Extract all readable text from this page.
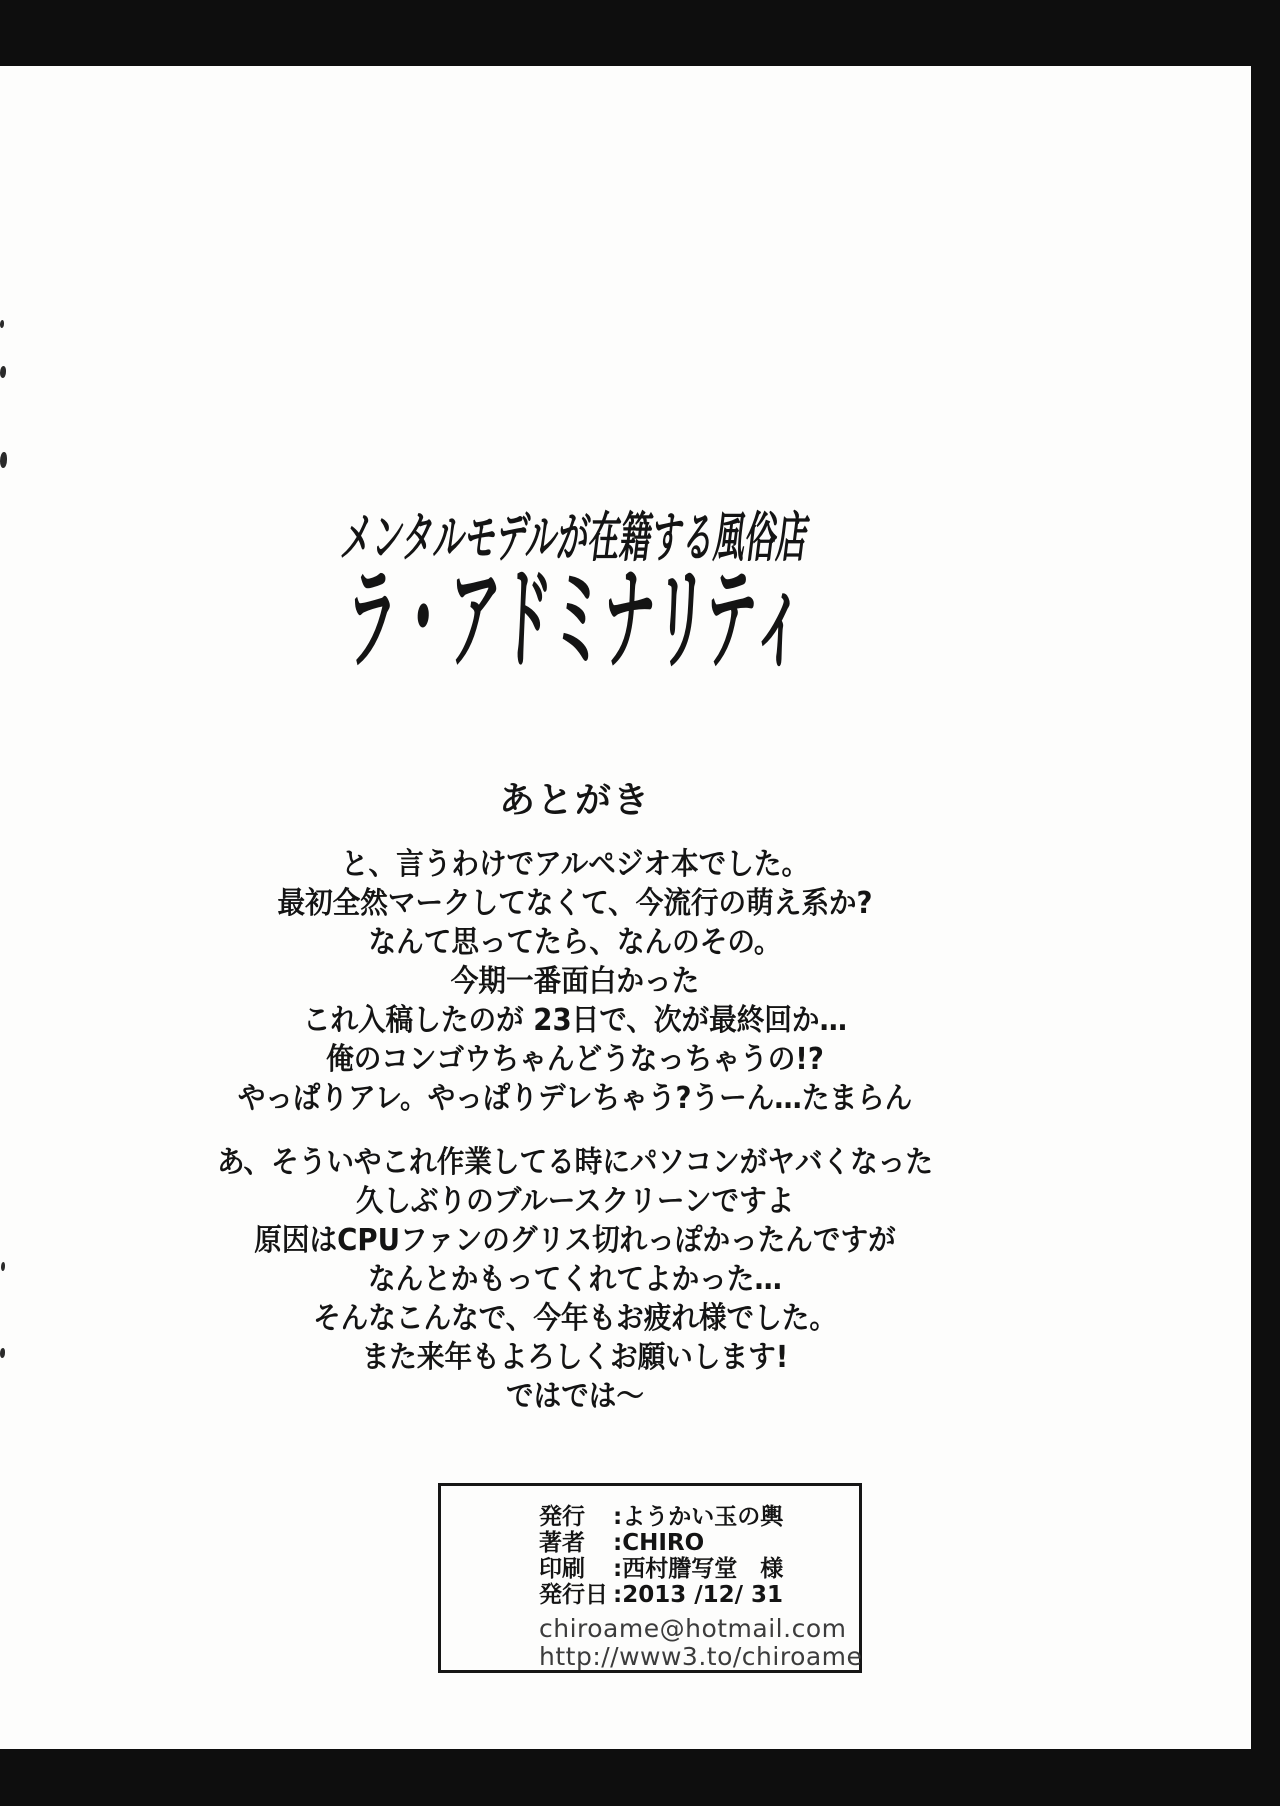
メンタルモデルが在籍する風俗店
ラ・アドミナリティ
あとがき
と、言うわけでアルペジオ本でした。
最初全然マークしてなくて、今流行の萌え系か?
なんて思ってたら、なんのその。
今期一番面白かった
これ入稿したのが 23日で、次が最終回か…
俺のコンゴウちゃんどうなっちゃうの!?
やっぱりアレ。やっぱりデレちゃう?うーん…たまらん
あ、そういやこれ作業してる時にパソコンがヤバくなった
久しぶりのブルースクリーンですよ
原因はCPUファンのグリス切れっぽかったんですが
なんとかもってくれてよかった…
そんなこんなで、今年もお疲れ様でした。
また来年もよろしくお願いします!
ではでは〜
発行 :ようかい玉の輿
著者 :CHIRO
印刷 :西村謄写堂　様
発行日 :2013 /12/ 31
chiroame@hotmail.com
http://www3.to/chiroame
